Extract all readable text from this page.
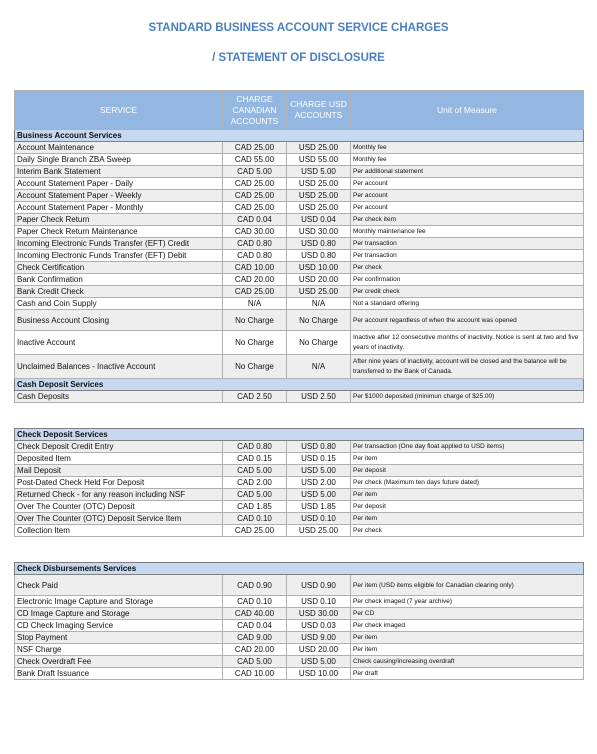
STANDARD BUSINESS ACCOUNT SERVICE CHARGES
/ STATEMENT OF DISCLOSURE
SERVICE	CHARGE CANADIAN ACCOUNTS	CHARGE USD ACCOUNTS	Unit of Measure
Business Account Services			
Account Maintenance	CAD 25.00	USD 25.00	Monthly fee
Daily Single Branch ZBA Sweep	CAD 55.00	USD 55.00	Monthly fee
Interim Bank Statement	CAD 5.00	USD 5.00	Per additional statement
Account Statement Paper - Daily	CAD 25.00	USD 25.00	Per account
Account Statement Paper - Weekly	CAD 25.00	USD 25.00	Per account
Account Statement Paper - Monthly	CAD 25.00	USD 25.00	Per account
Paper Check Return	CAD 0.04	USD 0.04	Per check item
Paper Check Return Maintenance	CAD 30.00	USD 30.00	Monthly maintenance fee
Incoming Electronic Funds Transfer (EFT) Credit	CAD 0.80	USD 0.80	Per transaction
Incoming Electronic Funds Transfer (EFT) Debit	CAD 0.80	USD 0.80	Per transaction
Check Certification	CAD 10.00	USD 10.00	Per check
Bank Confirmation	CAD 20.00	USD 20.00	Per confirmation
Bank Credit Check	CAD 25.00	USD 25.00	Per credit check
Cash and Coin Supply	N/A	N/A	Not a standard offering
Business Account Closing	No Charge	No Charge	Per account regardless of when the account was opened
Inactive Account	No Charge	No Charge	Inactive after 12 consecutive months of inactivity. Notice is sent at two and five years of inactivity.
Unclaimed Balances - Inactive Account	No Charge	N/A	After nine years of inactivity, account will be closed and the balance will be transferred to the Bank of Canada.
Cash Deposit Services			
Cash Deposits	CAD 2.50	USD 2.50	Per $1000 deposited (minimun charge of $25.00)
Check Deposit Services			
Check Deposit Credit Entry	CAD 0.80	USD 0.80	Per transaction (One day float applied to USD items)
Deposited Item	CAD 0.15	USD 0.15	Per item
Mail Deposit	CAD 5.00	USD 5.00	Per deposit
Post-Dated Check Held For Deposit	CAD 2.00	USD 2.00	Per check (Maximum ten days future dated)
Returned Check - for any reason including NSF	CAD 5.00	USD 5.00	Per item
Over The Counter (OTC) Deposit	CAD 1.85	USD 1.85	Per deposit
Over The Counter (OTC) Deposit Service Item	CAD 0.10	USD 0.10	Per item
Collection Item	CAD 25.00	USD 25.00	Per check
Check Disbursements Services			
Check Paid	CAD 0.90	USD 0.90	Per item (USD items eligible for Canadian clearing only)
Electronic Image Capture and Storage	CAD 0.10	USD 0.10	Per check imaged (7 year archive)
CD Image Capture and Storage	CAD 40.00	USD 30.00	Per CD
CD Check Imaging Service	CAD 0.04	USD 0.03	Per check imaged
Stop Payment	CAD 9.00	USD 9.00	Per item
NSF Charge	CAD 20.00	USD 20.00	Per item
Check Overdraft Fee	CAD 5.00	USD 5.00	Check causing/increasing overdraft
Bank Draft Issuance	CAD 10.00	USD 10.00	Per draft
